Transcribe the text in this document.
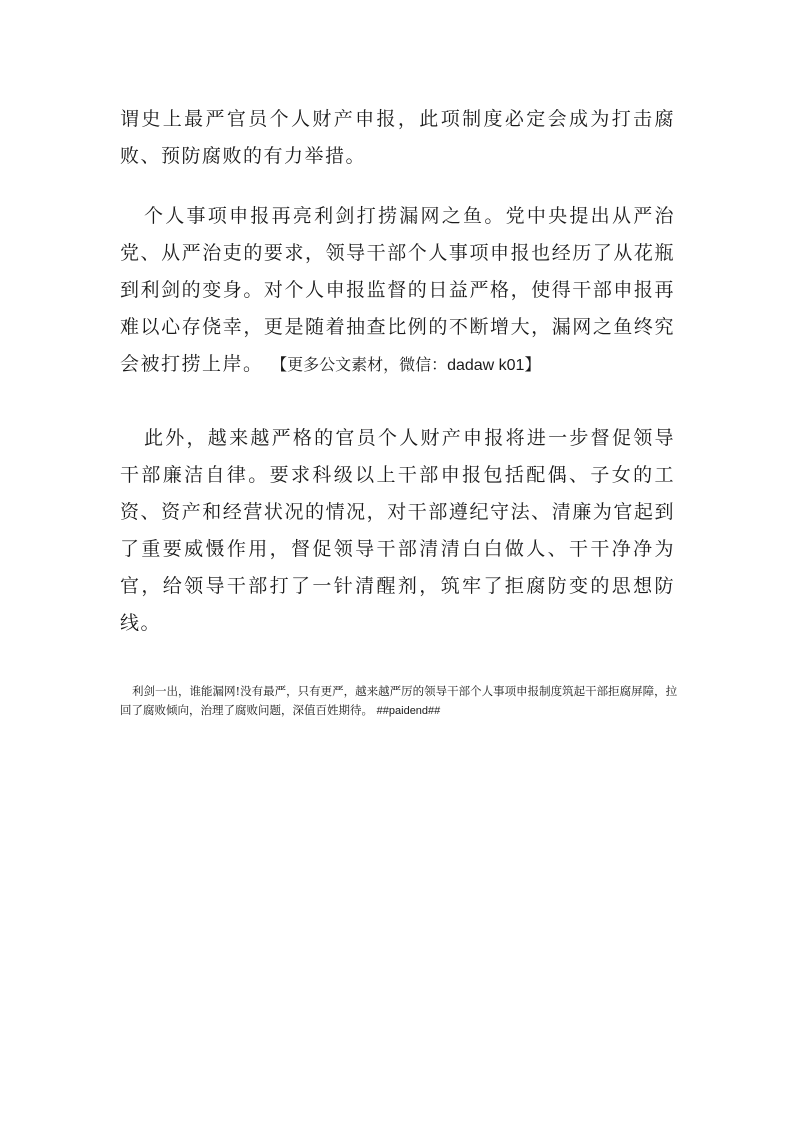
谓史上最严官员个人财产申报，此项制度必定会成为打击腐败、预防腐败的有力举措。

个人事项申报再亮利剑打捞漏网之鱼。党中央提出从严治党、从严治吏的要求，领导干部个人事项申报也经历了从花瓶到利剑的变身。对个人申报监督的日益严格，使得干部申报再难以心存侥幸，更是随着抽查比例的不断增大，漏网之鱼终究会被打捞上岸。 【更多公文素材，微信：dadaw k01】

此外，越来越严格的官员个人财产申报将进一步督促领导干部廉洁自律。要求科级以上干部申报包括配偶、子女的工资、资产和经营状况的情况，对干部遵纪守法、清廉为官起到了重要威慑作用，督促领导干部清清白白做人、干干净净为官，给领导干部打了一针清醒剂，筑牢了拒腐防变的思想防线。

利剑一出，谁能漏网!没有最严，只有更严，越来越严厉的领导干部个人事项申报制度筑起干部拒腐屏障，拉回了腐败倾向，治理了腐败问题，深值百姓期待。 ##paidend##
